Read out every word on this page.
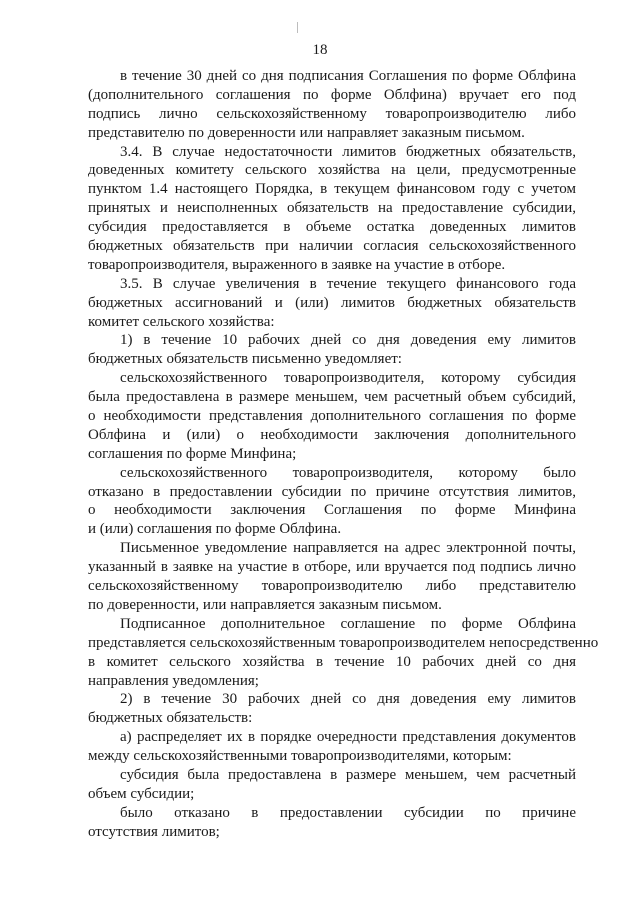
18
в течение 30 дней со дня подписания Соглашения по форме Облфина
(дополнительного соглашения по форме Облфина) вручает его под
подпись лично сельскохозяйственному товаропроизводителю либо
представителю по доверенности или направляет заказным письмом.
3.4. В случае недостаточности лимитов бюджетных обязательств,
доведенных комитету сельского хозяйства на цели, предусмотренные
пунктом 1.4 настоящего Порядка, в текущем финансовом году с учетом
принятых и неисполненных обязательств на предоставление субсидии,
субсидия предоставляется в объеме остатка доведенных лимитов
бюджетных обязательств при наличии согласия сельскохозяйственного
товаропроизводителя, выраженного в заявке на участие в отборе.
3.5. В случае увеличения в течение текущего финансового года
бюджетных ассигнований и (или) лимитов бюджетных обязательств
комитет сельского хозяйства:
1) в течение 10 рабочих дней со дня доведения ему лимитов
бюджетных обязательств письменно уведомляет:
сельскохозяйственного товаропроизводителя, которому субсидия
была предоставлена в размере меньшем, чем расчетный объем субсидий,
о необходимости представления дополнительного соглашения по форме
Облфина и (или) о необходимости заключения дополнительного
соглашения по форме Минфина;
сельскохозяйственного товаропроизводителя, которому было
отказано в предоставлении субсидии по причине отсутствия лимитов,
о необходимости заключения Соглашения по форме Минфина
и (или) соглашения по форме Облфина.
Письменное уведомление направляется на адрес электронной почты,
указанный в заявке на участие в отборе, или вручается под подпись лично
сельскохозяйственному товаропроизводителю либо представителю
по доверенности, или направляется заказным письмом.
Подписанное дополнительное соглашение по форме Облфина
представляется сельскохозяйственным товаропроизводителем непосредственно
в комитет сельского хозяйства в течение 10 рабочих дней со дня
направления уведомления;
2) в течение 30 рабочих дней со дня доведения ему лимитов
бюджетных обязательств:
а) распределяет их в порядке очередности представления документов
между сельскохозяйственными товаропроизводителями, которым:
субсидия была предоставлена в размере меньшем, чем расчетный
объем субсидии;
было отказано в предоставлении субсидии по причине
отсутствия лимитов;
